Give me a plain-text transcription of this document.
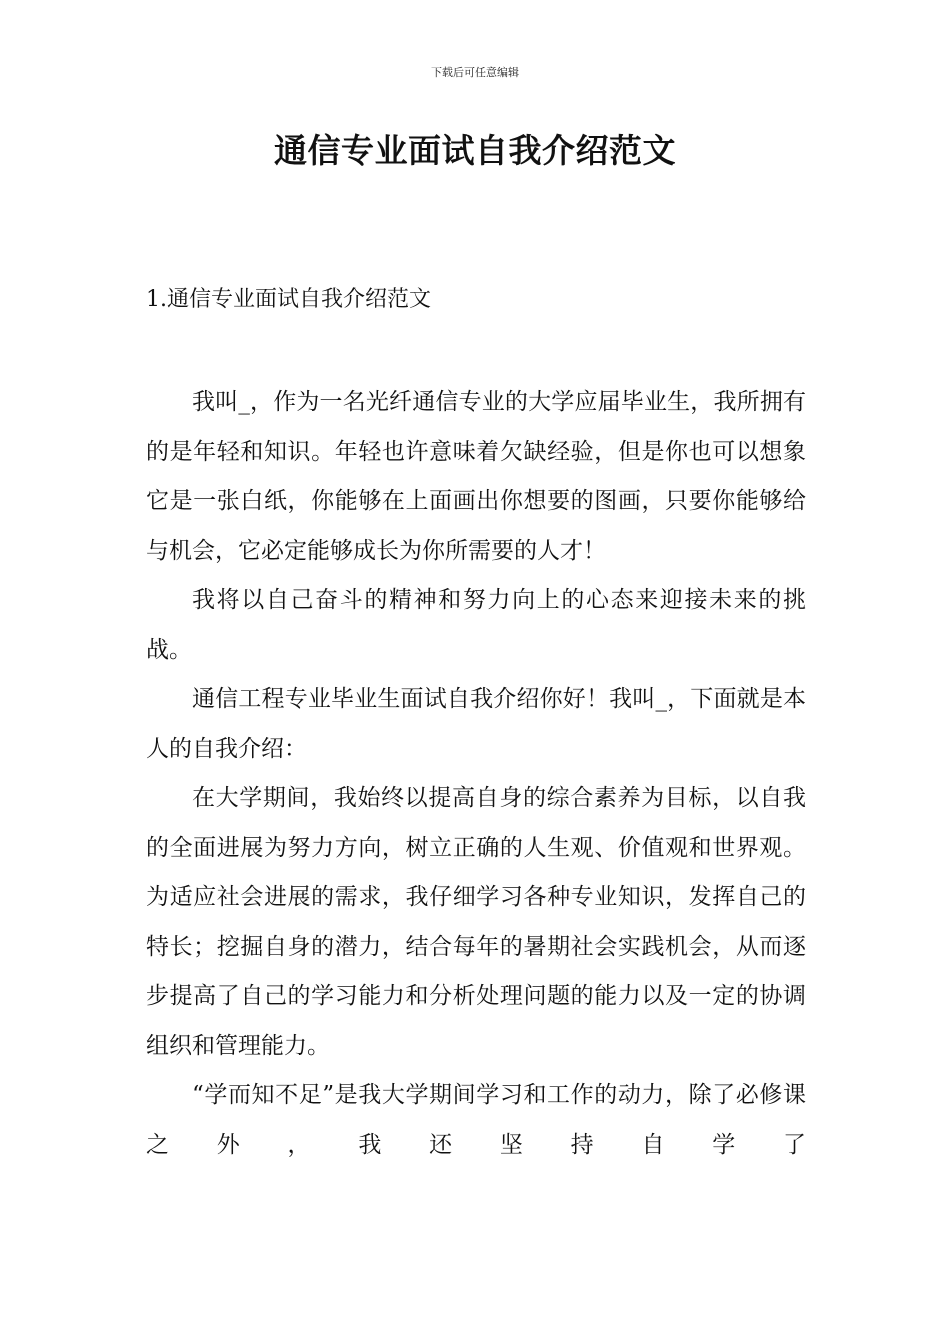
下载后可任意编辑
通信专业面试自我介绍范文
1.通信专业面试自我介绍范文

我叫_，作为一名光纤通信专业的大学应届毕业生，我所拥有的是年轻和知识。年轻也许意味着欠缺经验，但是你也可以想象它是一张白纸，你能够在上面画出你想要的图画，只要你能够给与机会，它必定能够成长为你所需要的人才！

我将以自己奋斗的精神和努力向上的心态来迎接未来的挑战。

通信工程专业毕业生面试自我介绍你好！我叫_，下面就是本人的自我介绍：

在大学期间，我始终以提高自身的综合素养为目标，以自我的全面进展为努力方向，树立正确的人生观、价值观和世界观。为适应社会进展的需求，我仔细学习各种专业知识，发挥自己的特长；挖掘自身的潜力，结合每年的暑期社会实践机会，从而逐步提高了自己的学习能力和分析处理问题的能力以及一定的协调组织和管理能力。

“学而知不足”是我大学期间学习和工作的动力，除了必修课之外，我还坚持自学了
